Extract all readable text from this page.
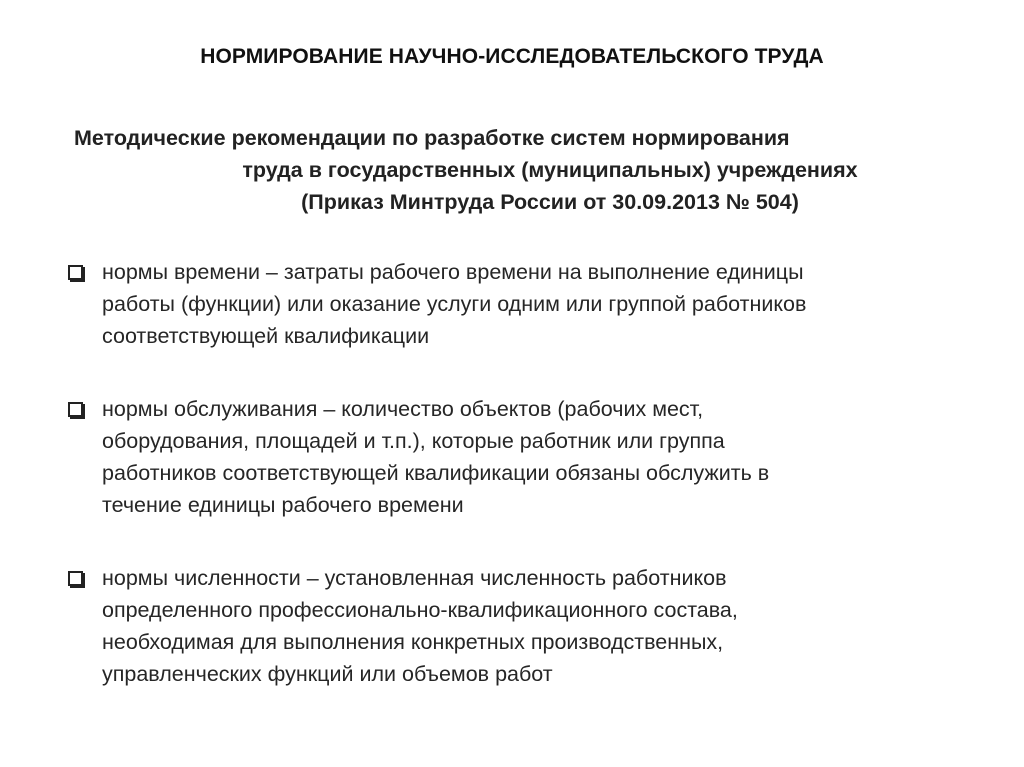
НОРМИРОВАНИЕ НАУЧНО-ИССЛЕДОВАТЕЛЬСКОГО ТРУДА
Методические рекомендации по разработке систем нормирования
труда в государственных (муниципальных) учреждениях
(Приказ Минтруда России от 30.09.2013 № 504)
нормы времени – затраты рабочего времени на выполнение единицы
работы (функции) или оказание услуги одним или группой работников
соответствующей квалификации
нормы обслуживания – количество объектов (рабочих мест,
оборудования, площадей и т.п.), которые работник или группа
работников соответствующей квалификации обязаны обслужить в
течение единицы рабочего времени
нормы численности – установленная численность работников
определенного профессионально-квалификационного состава,
необходимая для выполнения конкретных производственных,
управленческих функций или объемов работ
